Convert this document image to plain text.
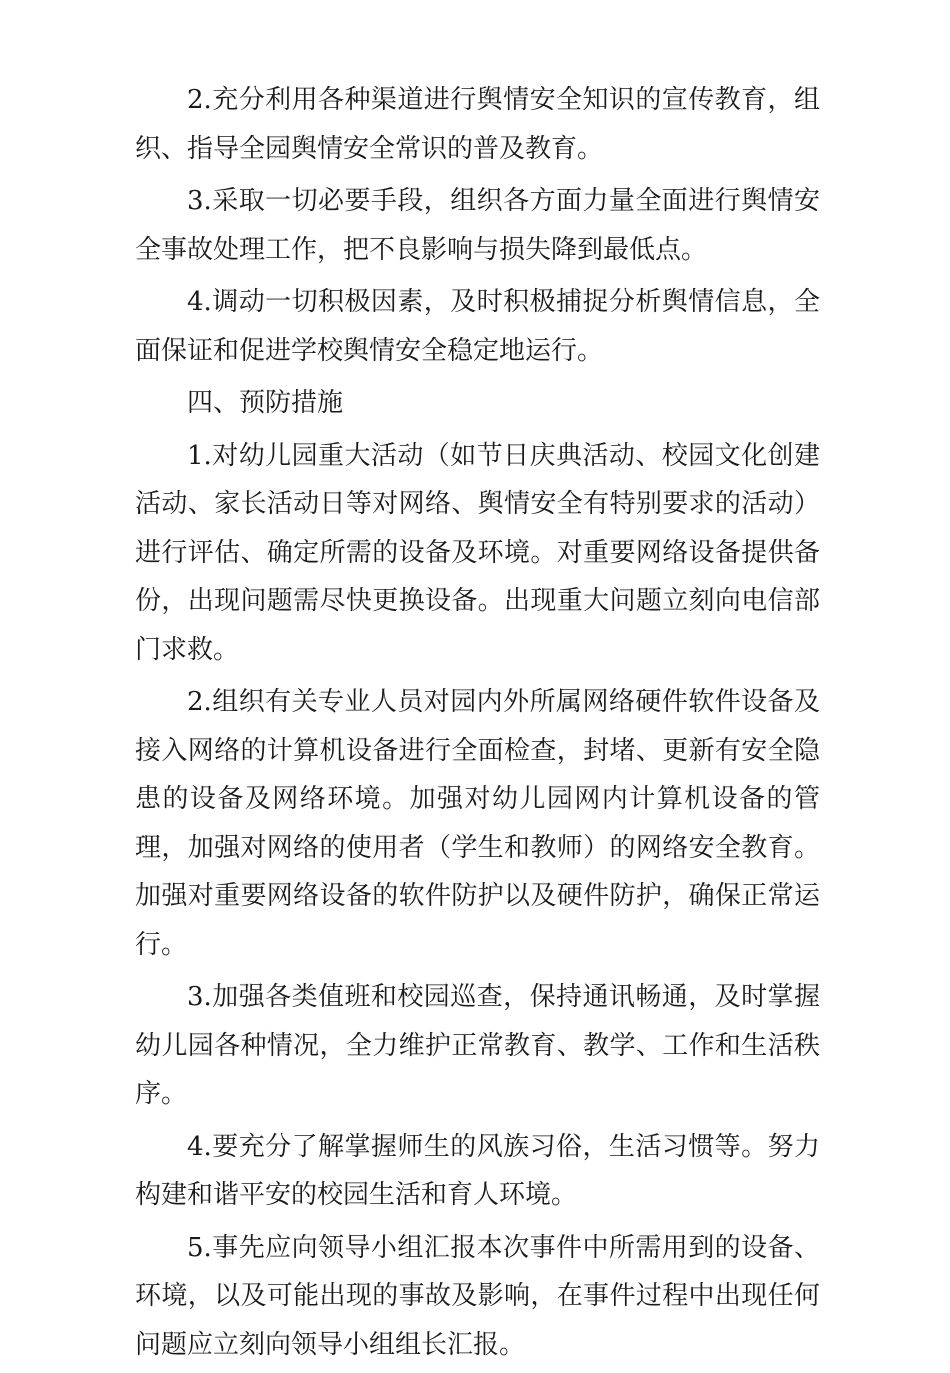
2.充分利用各种渠道进行舆情安全知识的宣传教育，组织、指导全园舆情安全常识的普及教育。

3.采取一切必要手段，组织各方面力量全面进行舆情安全事故处理工作，把不良影响与损失降到最低点。

4.调动一切积极因素，及时积极捕捉分析舆情信息，全面保证和促进学校舆情安全稳定地运行。

四、预防措施

1.对幼儿园重大活动（如节日庆典活动、校园文化创建活动、家长活动日等对网络、舆情安全有特别要求的活动）进行评估、确定所需的设备及环境。对重要网络设备提供备份，出现问题需尽快更换设备。出现重大问题立刻向电信部门求救。

2.组织有关专业人员对园内外所属网络硬件软件设备及接入网络的计算机设备进行全面检查，封堵、更新有安全隐患的设备及网络环境。加强对幼儿园网内计算机设备的管理，加强对网络的使用者（学生和教师）的网络安全教育。加强对重要网络设备的软件防护以及硬件防护，确保正常运行。

3.加强各类值班和校园巡查，保持通讯畅通，及时掌握幼儿园各种情况，全力维护正常教育、教学、工作和生活秩序。

4.要充分了解掌握师生的风族习俗，生活习惯等。努力构建和谐平安的校园生活和育人环境。

5.事先应向领导小组汇报本次事件中所需用到的设备、环境，以及可能出现的事故及影响，在事件过程中出现任何问题应立刻向领导小组组长汇报。
